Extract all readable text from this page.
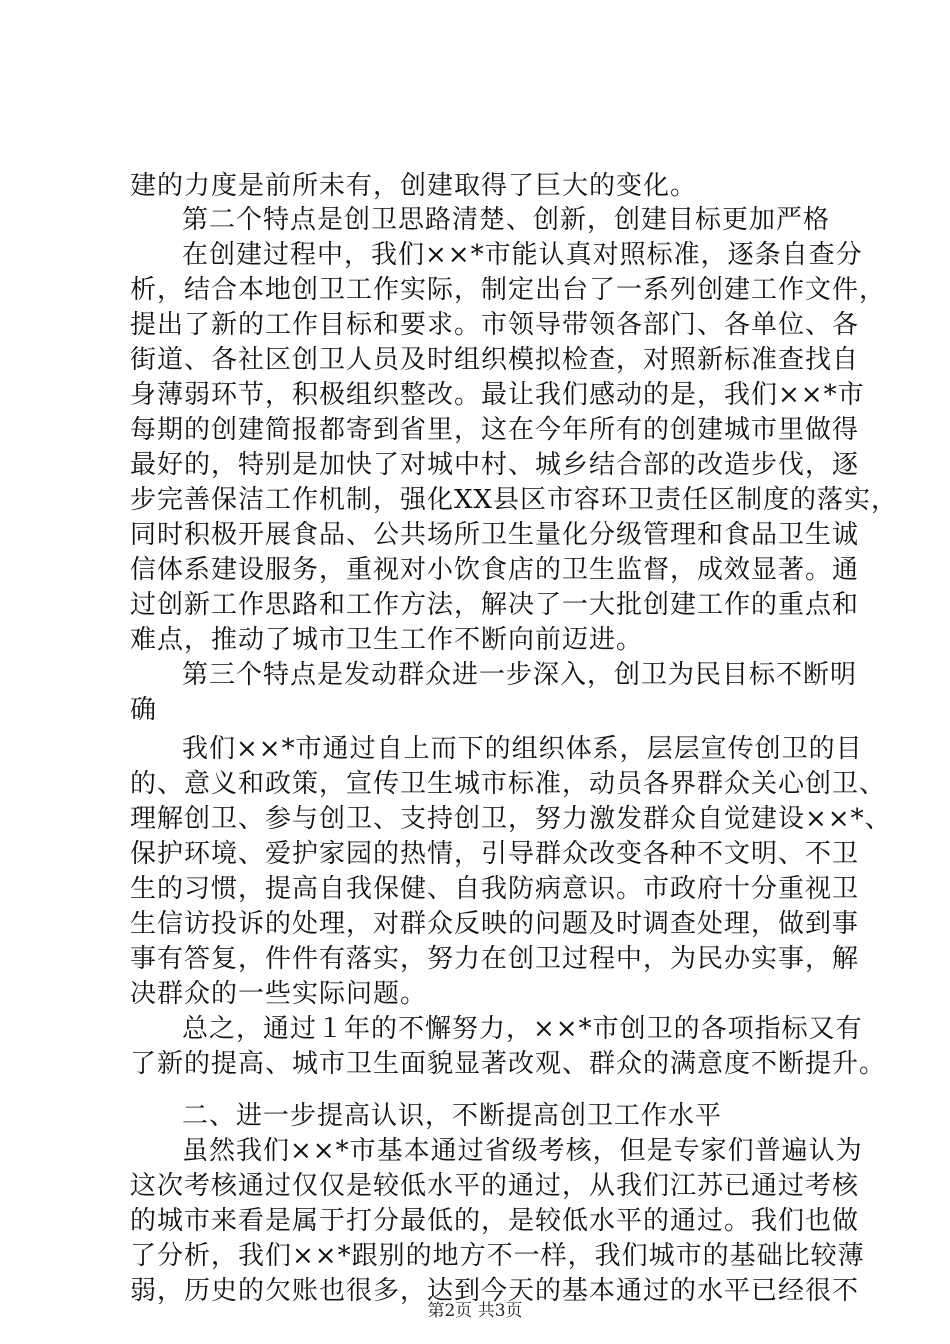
建的力度是前所未有，创建取得了巨大的变化。
第二个特点是创卫思路清楚、创新，创建目标更加严格
在创建过程中，我们××*市能认真对照标准，逐条自查分
析，结合本地创卫工作实际，制定出台了一系列创建工作文件，
提出了新的工作目标和要求。市领导带领各部门、各单位、各
街道、各社区创卫人员及时组织模拟检查，对照新标准查找自
身薄弱环节，积极组织整改。最让我们感动的是，我们××*市
每期的创建简报都寄到省里，这在今年所有的创建城市里做得
最好的，特别是加快了对城中村、城乡结合部的改造步伐，逐
步完善保洁工作机制，强化XX县区市容环卫责任区制度的落实，
同时积极开展食品、公共场所卫生量化分级管理和食品卫生诚
信体系建设服务，重视对小饮食店的卫生监督，成效显著。通
过创新工作思路和工作方法，解决了一大批创建工作的重点和
难点，推动了城市卫生工作不断向前迈进。
第三个特点是发动群众进一步深入，创卫为民目标不断明
确
我们××*市通过自上而下的组织体系，层层宣传创卫的目
的、意义和政策，宣传卫生城市标准，动员各界群众关心创卫、
理解创卫、参与创卫、支持创卫，努力激发群众自觉建设××*、
保护环境、爱护家园的热情，引导群众改变各种不文明、不卫
生的习惯，提高自我保健、自我防病意识。市政府十分重视卫
生信访投诉的处理，对群众反映的问题及时调查处理，做到事
事有答复，件件有落实，努力在创卫过程中，为民办实事，解
决群众的一些实际问题。
总之，通过１年的不懈努力，××*市创卫的各项指标又有
了新的提高、城市卫生面貌显著改观、群众的满意度不断提升。
二、进一步提高认识，不断提高创卫工作水平
虽然我们××*市基本通过省级考核，但是专家们普遍认为
这次考核通过仅仅是较低水平的通过，从我们江苏已通过考核
的城市来看是属于打分最低的，是较低水平的通过。我们也做
了分析，我们××*跟别的地方不一样，我们城市的基础比较薄
弱，历史的欠账也很多，达到今天的基本通过的水平已经很不
第2页 共3页
